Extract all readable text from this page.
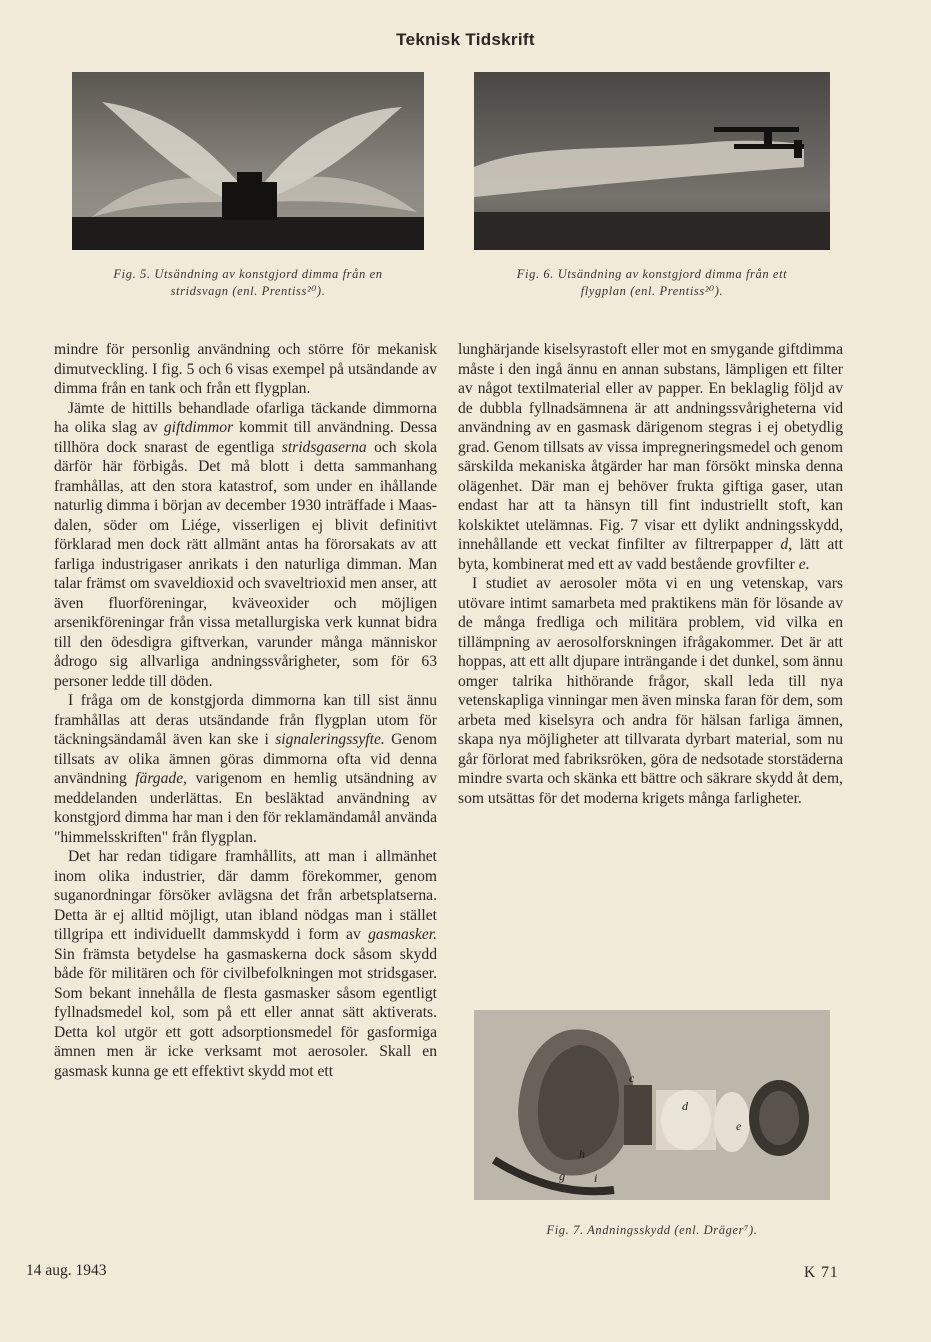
Teknisk Tidskrift
Fig. 5. Utsändning av konstgjord dimma från en
stridsvagn (enl. Prentiss²⁰).
Fig. 6. Utsändning av konstgjord dimma från ett
flygplan (enl. Prentiss²⁰).

mindre för personlig användning och större för mekanisk dimutveckling. I fig. 5 och 6 visas exempel på utsändande av dimma från en tank och från ett flygplan.

Jämte de hittills behandlade ofarliga täckande dimmorna ha olika slag av giftdimmor kommit till användning. Dessa tillhöra dock snarast de egentliga stridsgaserna och skola därför här förbigås. Det må blott i detta sammanhang framhållas, att den stora katastrof, som under en ihållande naturlig dimma i början av december 1930 inträffade i Maas-dalen, söder om Liége, visserligen ej blivit definitivt förklarad men dock rätt allmänt antas ha förorsakats av att farliga industrigaser anrikats i den naturliga dimman. Man talar främst om svaveldioxid och svaveltrioxid men anser, att även fluorföreningar, kväveoxider och möjligen arsenikföreningar från vissa metallurgiska verk kunnat bidra till den ödesdigra giftverkan, varunder många människor ådrogo sig allvarliga andningssvårigheter, som för 63 personer ledde till döden.

I fråga om de konstgjorda dimmorna kan till sist ännu framhållas att deras utsändande från flygplan utom för täckningsändamål även kan ske i signaleringssyfte. Genom tillsats av olika ämnen göras dimmorna ofta vid denna användning färgade, varigenom en hemlig utsändning av meddelanden underlättas. En besläktad användning av konstgjord dimma har man i den för reklamändamål använda "himmelsskriften" från flygplan.

Det har redan tidigare framhållits, att man i allmänhet inom olika industrier, där damm förekommer, genom suganordningar försöker avlägsna det från arbetsplatserna. Detta är ej alltid möjligt, utan ibland nödgas man i stället tillgripa ett individuellt dammskydd i form av gasmasker. Sin främsta betydelse ha gasmaskerna dock såsom skydd både för militären och för civilbefolkningen mot stridsgaser. Som bekant innehålla de flesta gasmasker såsom egentligt fyllnadsmedel kol, som på ett eller annat sätt aktiverats. Detta kol utgör ett gott adsorptionsmedel för gasformiga ämnen men är icke verksamt mot aerosoler. Skall en gasmask kunna ge ett effektivt skydd mot ett

lunghärjande kiselsyrastoft eller mot en smygande giftdimma måste i den ingå ännu en annan substans, lämpligen ett filter av något textilmaterial eller av papper. En beklaglig följd av de dubbla fyllnadsämnena är att andningssvårigheterna vid användning av en gasmask därigenom stegras i ej obetydlig grad. Genom tillsats av vissa impregneringsmedel och genom särskilda mekaniska åtgärder har man försökt minska denna olägenhet. Där man ej behöver frukta giftiga gaser, utan endast har att ta hänsyn till fint industriellt stoft, kan kolskiktet utelämnas. Fig. 7 visar ett dylikt andningsskydd, innehållande ett veckat finfilter av filtrerpapper d, lätt att byta, kombinerat med ett av vadd bestående grovfilter e.

I studiet av aerosoler möta vi en ung vetenskap, vars utövare intimt samarbeta med praktikens män för lösande av de många fredliga och militära problem, vid vilka en tillämpning av aerosolforskningen ifrågakommer. Det är att hoppas, att ett allt djupare inträngande i det dunkel, som ännu omger talrika hithörande frågor, skall leda till nya vetenskapliga vinningar men även minska faran för dem, som arbeta med kiselsyra och andra för hälsan farliga ämnen, skapa nya möjligheter att tillvarata dyrbart material, som nu går förlorat med fabriksröken, göra de nedsotade storstäderna mindre svarta och skänka ett bättre och säkrare skydd åt dem, som utsättas för det moderna krigets många farligheter.

c
d
e
g
h
i
Fig. 7. Andningsskydd (enl. Dräger⁷).
14 aug. 1943	K 71
